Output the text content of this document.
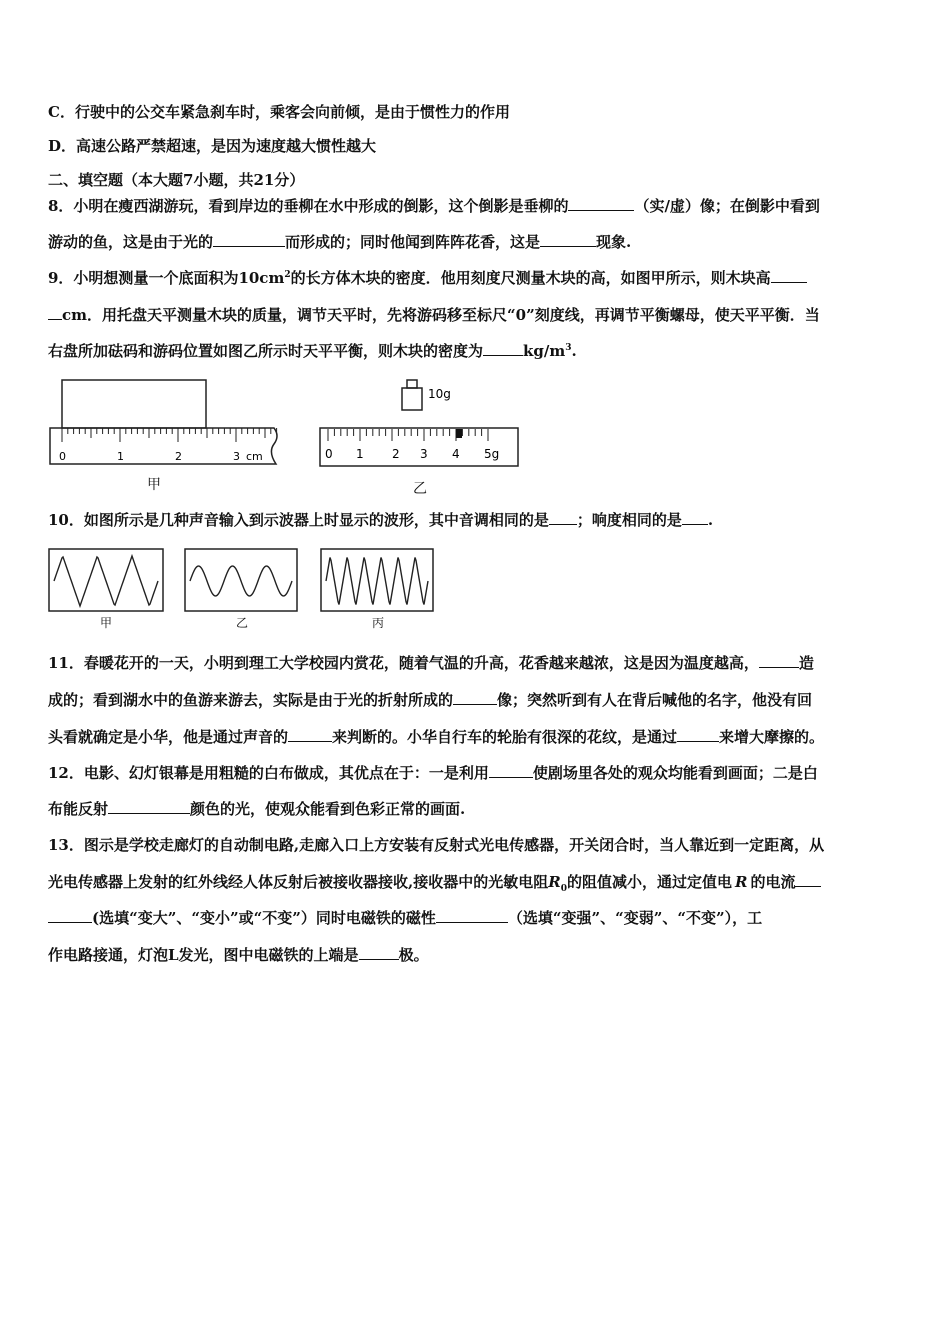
C．行驶中的公交车紧急刹车时，乘客会向前倾，是由于惯性力的作用
D．高速公路严禁超速，是因为速度越大惯性越大
二、填空题（本大题7小题，共21分）
8．小明在瘦西湖游玩，看到岸边的垂柳在水中形成的倒影，这个倒影是垂柳的	（实/虚）像；在倒影中看到
游动的鱼，这是由于光的	而形成的；同时他闻到阵阵花香，这是	现象.
9．小明想测量一个底面积为$10cm^2$的长方体木块的密度．他用刻度尺测量木块的高，如图甲所示，则木块高
cm．用托盘天平测量木块的质量，调节天平时，先将游码移至标尺“0”刻度线，再调节平衡螺母，使天平平衡．当
右盘所加砝码和游码位置如图乙所示时天平平衡，则木块的密度为	$kg/m^3$.
0	1	2	3 cm
甲
10g
0 1 2 3 4 5g
乙
10．如图所示是几种声音输入到示波器上时显示的波形，其中音调相同的是 ；响度相同的是 .
甲	乙	丙
11．春暖花开的一天，小明到理工大学校园内赏花，随着气温的升高，花香越来越浓，这是因为温度越高，	造
成的；看到湖水中的鱼游来游去，实际是由于光的折射所成的	像；突然听到有人在背后喊他的名字，他没有回
头看就确定是小华，他是通过声音的	来判断的。小华自行车的轮胎有很深的花纹，是通过	来增大摩擦的。
12．电影、幻灯银幕是用粗糙的白布做成，其优点在于：一是利用	使剧场里各处的观众均能看到画面；二是白
布能反射	颜色的光，使观众能看到色彩正常的画面.
13．图示是学校走廊灯的自动制电路,走廊入口上方安装有反射式光电传感器，开关闭合时，当人靠近到一定距离，从
光电传感器上发射的红外线经人体反射后被接收器接收,接收器中的光敏电阻$R_0$的阻值减小，通过定值电 R 的电流
(选填“变大”、“变小”或“不变”）同时电磁铁的磁性	（选填“变强”、“变弱”、“不变”），工
作电路接通，灯泡L发光，图中电磁铁的上端是	极。
